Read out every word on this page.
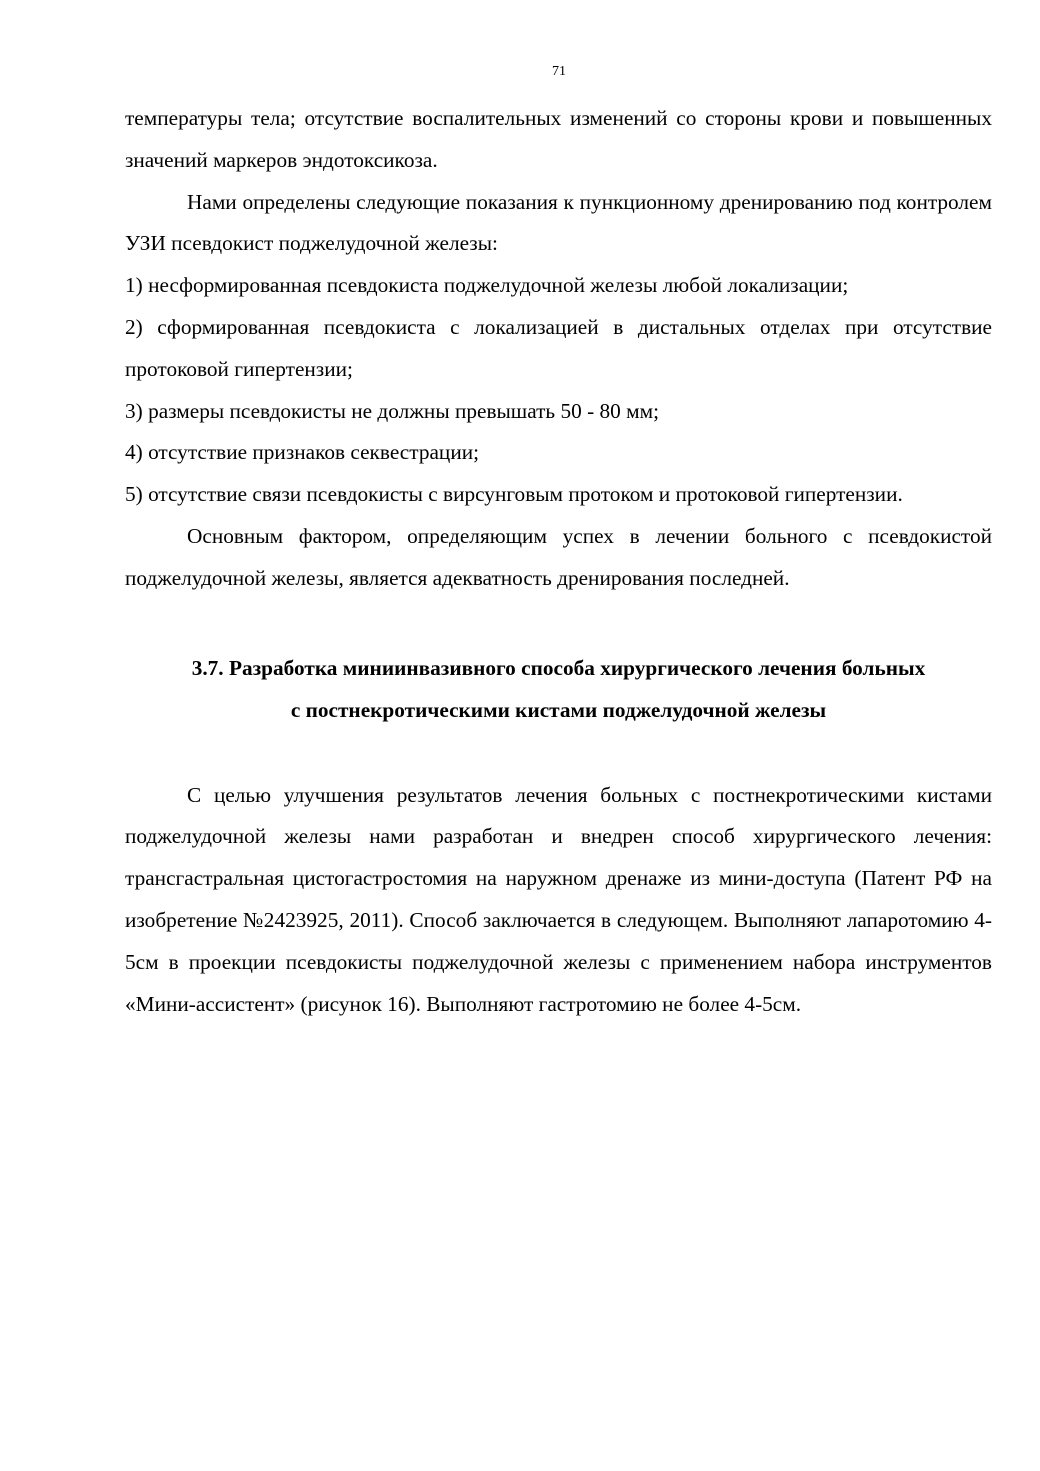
71

температуры тела; отсутствие воспалительных изменений со стороны крови и повышенных значений маркеров эндотоксикоза.

Нами определены следующие показания к пункционному дренированию под контролем УЗИ псевдокист поджелудочной железы:

1) несформированная псевдокиста поджелудочной железы любой локализации;

2) сформированная псевдокиста с локализацией в дистальных отделах при отсутствие протоковой гипертензии;

3) размеры псевдокисты не должны превышать 50 - 80 мм;

4) отсутствие признаков секвестрации;

5) отсутствие связи псевдокисты с вирсунговым протоком и протоковой гипертензии.

Основным фактором, определяющим успех в лечении больного с псевдокистой поджелудочной железы, является адекватность дренирования последней.

3.7. Разработка миниинвазивного способа хирургического лечения больных
с постнекротическими кистами поджелудочной железы

С целью улучшения результатов лечения больных с постнекротическими кистами поджелудочной железы нами разработан и внедрен способ хирургического лечения: трансгастральная цистогастростомия на наружном дренаже из мини-доступа (Патент РФ на изобретение №2423925, 2011). Способ заключается в следующем. Выполняют лапаротомию 4-5см в проекции псевдокисты поджелудочной железы с применением набора инструментов «Мини-ассистент» (рисунок 16). Выполняют гастротомию не более 4-5см.
